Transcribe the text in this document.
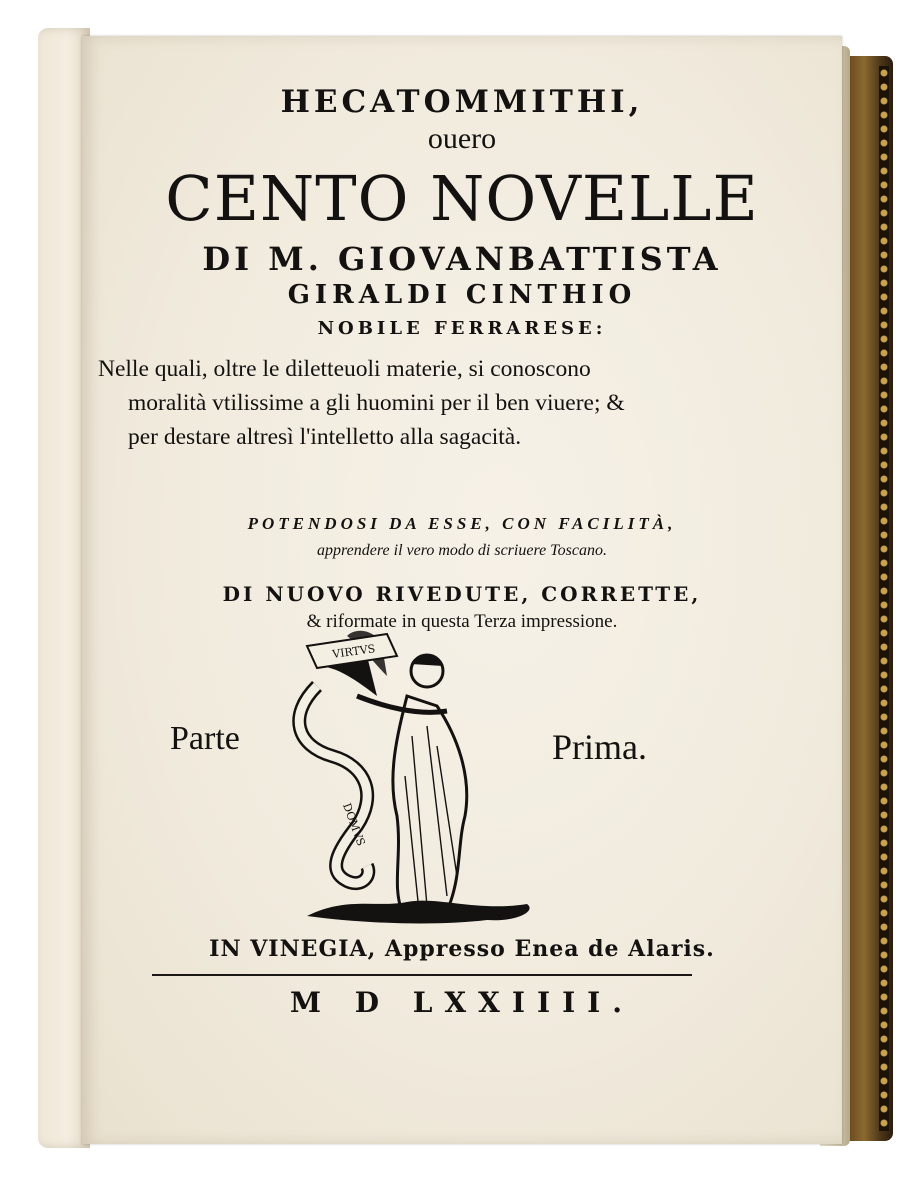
HECATOMMITHI,
ouero
CENTO NOVELLE
DI M. GIOVANBATTISTA
GIRALDI CINTHIO
NOBILE FERRARESE:
Nelle quali, oltre le diletteuoli materie, si conoscono
moralità vtilissime a gli huomini per il ben viuere; &
per destare altresì l'intelletto alla sagacità.
POTENDOSI DA ESSE, CON FACILITÀ,
apprendere il vero modo di scriuere Toscano.
DI NUOVO RIVEDUTE, CORRETTE,
& riformate in questa Terza impressione.
Parte	Prima.
VIRTVS
DOMVS
IN VINEGIA, Appresso Enea de Alaris.
M D LXXIIII.
